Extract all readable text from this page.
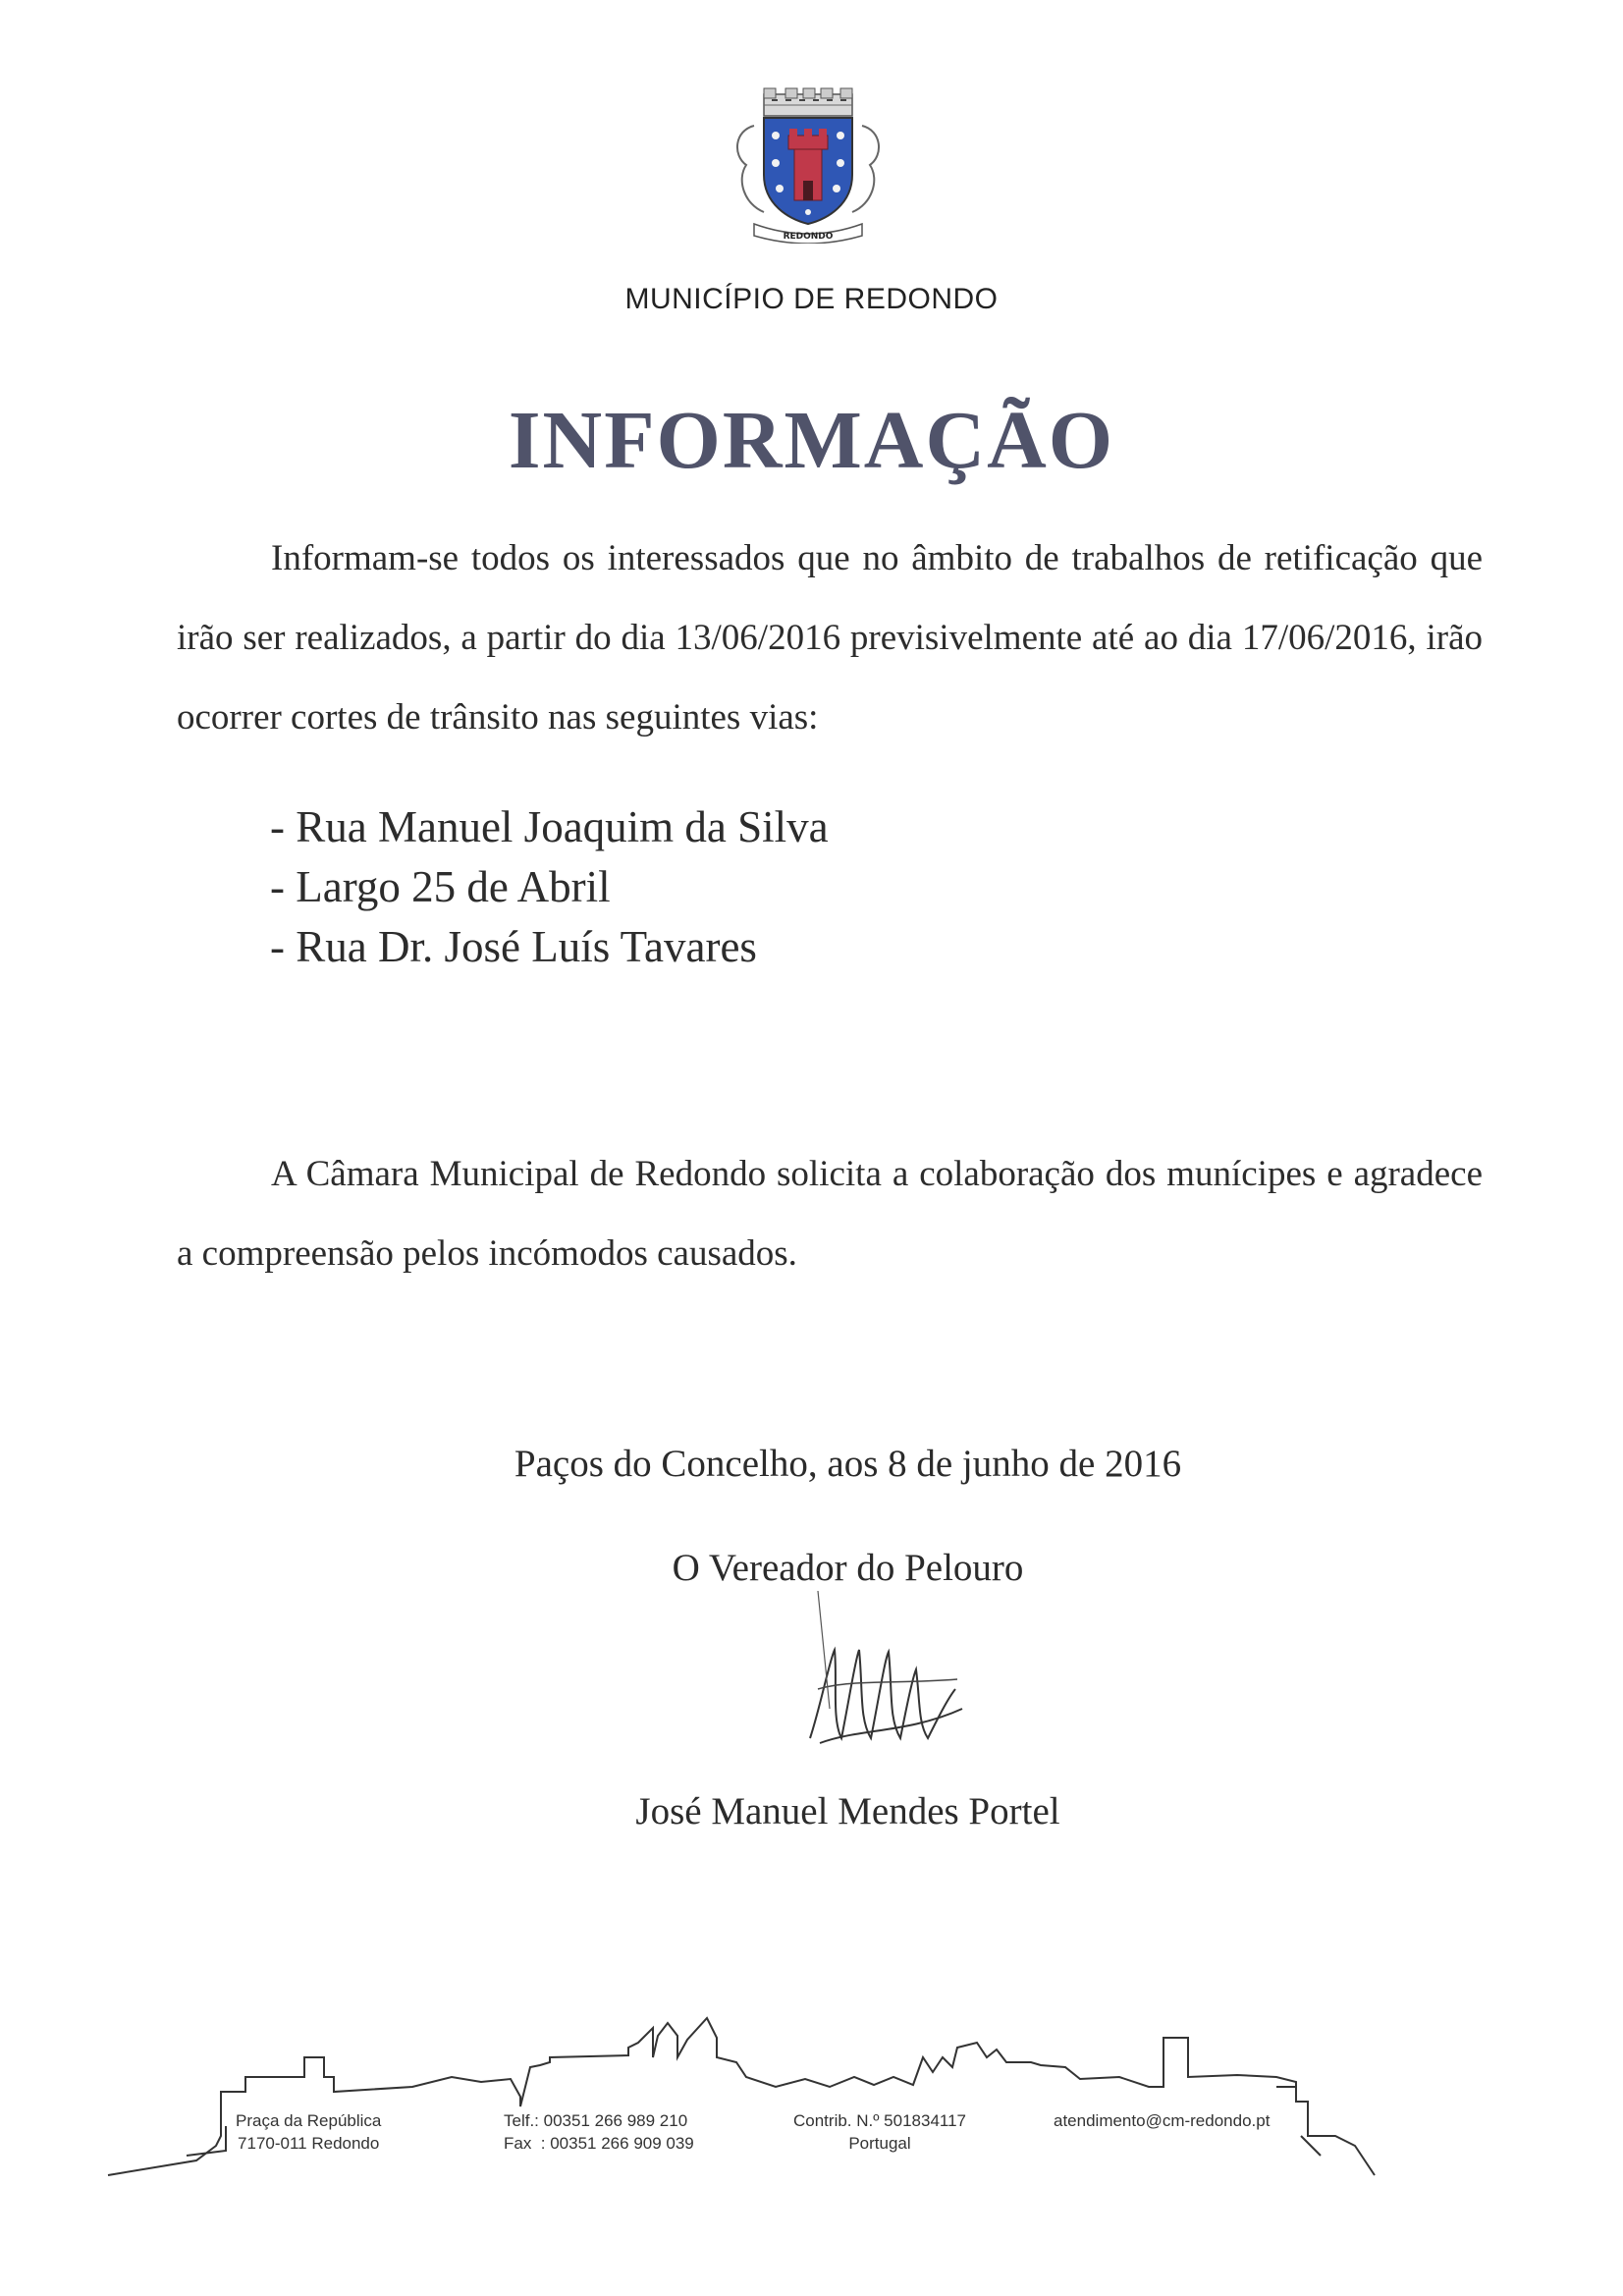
REDONDO
MUNICÍPIO DE REDONDO
INFORMAÇÃO
Informam-se todos os interessados que no âmbito de trabalhos de retificação que irão ser realizados, a partir do dia 13/06/2016 previsivelmente até ao dia 17/06/2016, irão ocorrer cortes de trânsito nas seguintes vias:
- Rua Manuel Joaquim da Silva
- Largo 25 de Abril
- Rua Dr. José Luís Tavares
A Câmara Municipal de Redondo solicita a colaboração dos munícipes e agradece a compreensão pelos incómodos causados.
Paços do Concelho, aos 8 de junho de 2016
O Vereador do Pelouro
José Manuel Mendes Portel
Praça da República
7170-011 Redondo
Telf.: 00351 266 989 210
Fax  : 00351 266 909 039
Contrib. N.º 501834117
Portugal
atendimento@cm-redondo.pt
